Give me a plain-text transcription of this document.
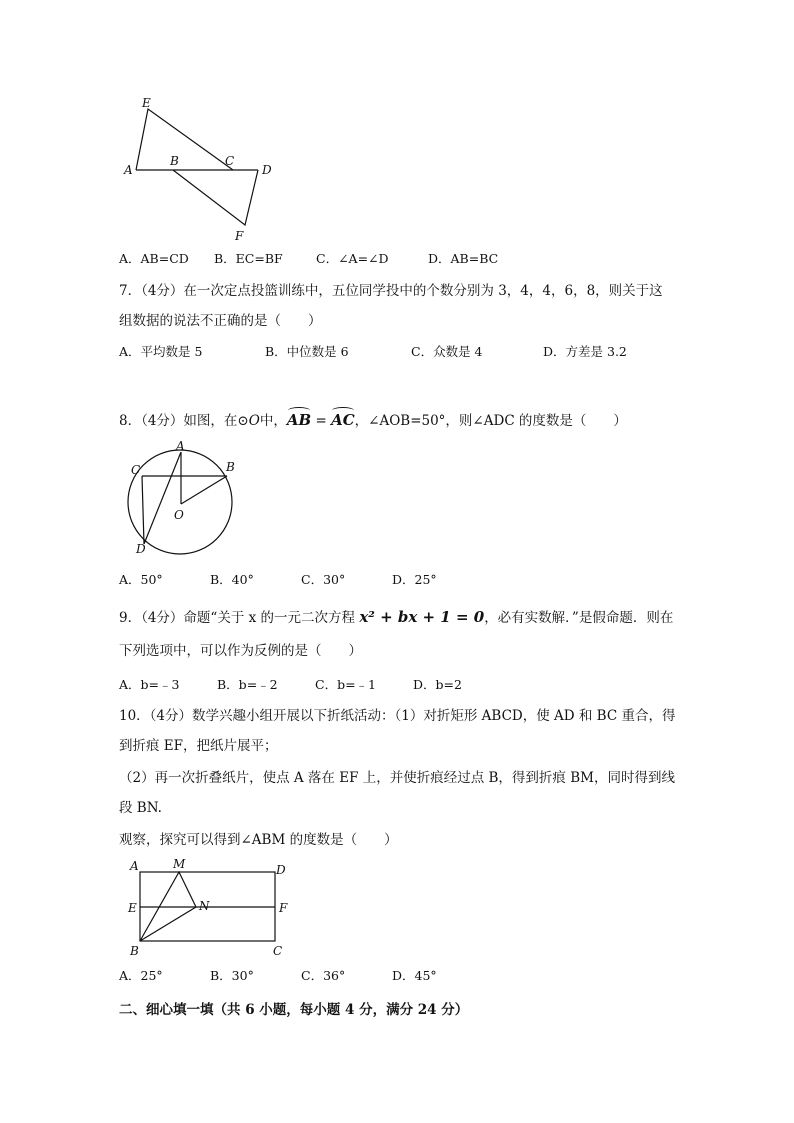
E
A
B	C
D
F
A．AB=CD B．EC=BF	C．∠A=∠D	D．AB=BC
7．（4分）在一次定点投篮训练中，五位同学投中的个数分别为 3，4，4，6，8，则关于这
组数据的说法不正确的是（　　）
A．平均数是 5	B．中位数是 6	C．众数是 4	D．方差是 3.2
8．（4分）如图，在⊙O中，AB = AC，∠AOB=50°，则∠ADC 的度数是（　　）
A
B
C
O
D
A．50°	B．40°	C．30°	D．25°
9．（4分）命题“关于 x 的一元二次方程 x² + bx + 1 = 0，必有实数解．”是假命题．则在
下列选项中，可以作为反例的是（　　）
A．b=﹣3	B．b=﹣2	C．b=﹣1	D．b=2
10．（4分）数学兴趣小组开展以下折纸活动：（1）对折矩形 ABCD，使 AD 和 BC 重合，得
到折痕 EF，把纸片展平；
（2）再一次折叠纸片，使点 A 落在 EF 上，并使折痕经过点 B，得到折痕 BM，同时得到线
段 BN.
观察，探究可以得到∠ABM 的度数是（　　）
A	M	D
E	N	F
B	C
A．25°	B．30°	C．36°	D．45°
二、细心填一填（共 6 小题，每小题 4 分，满分 24 分）
